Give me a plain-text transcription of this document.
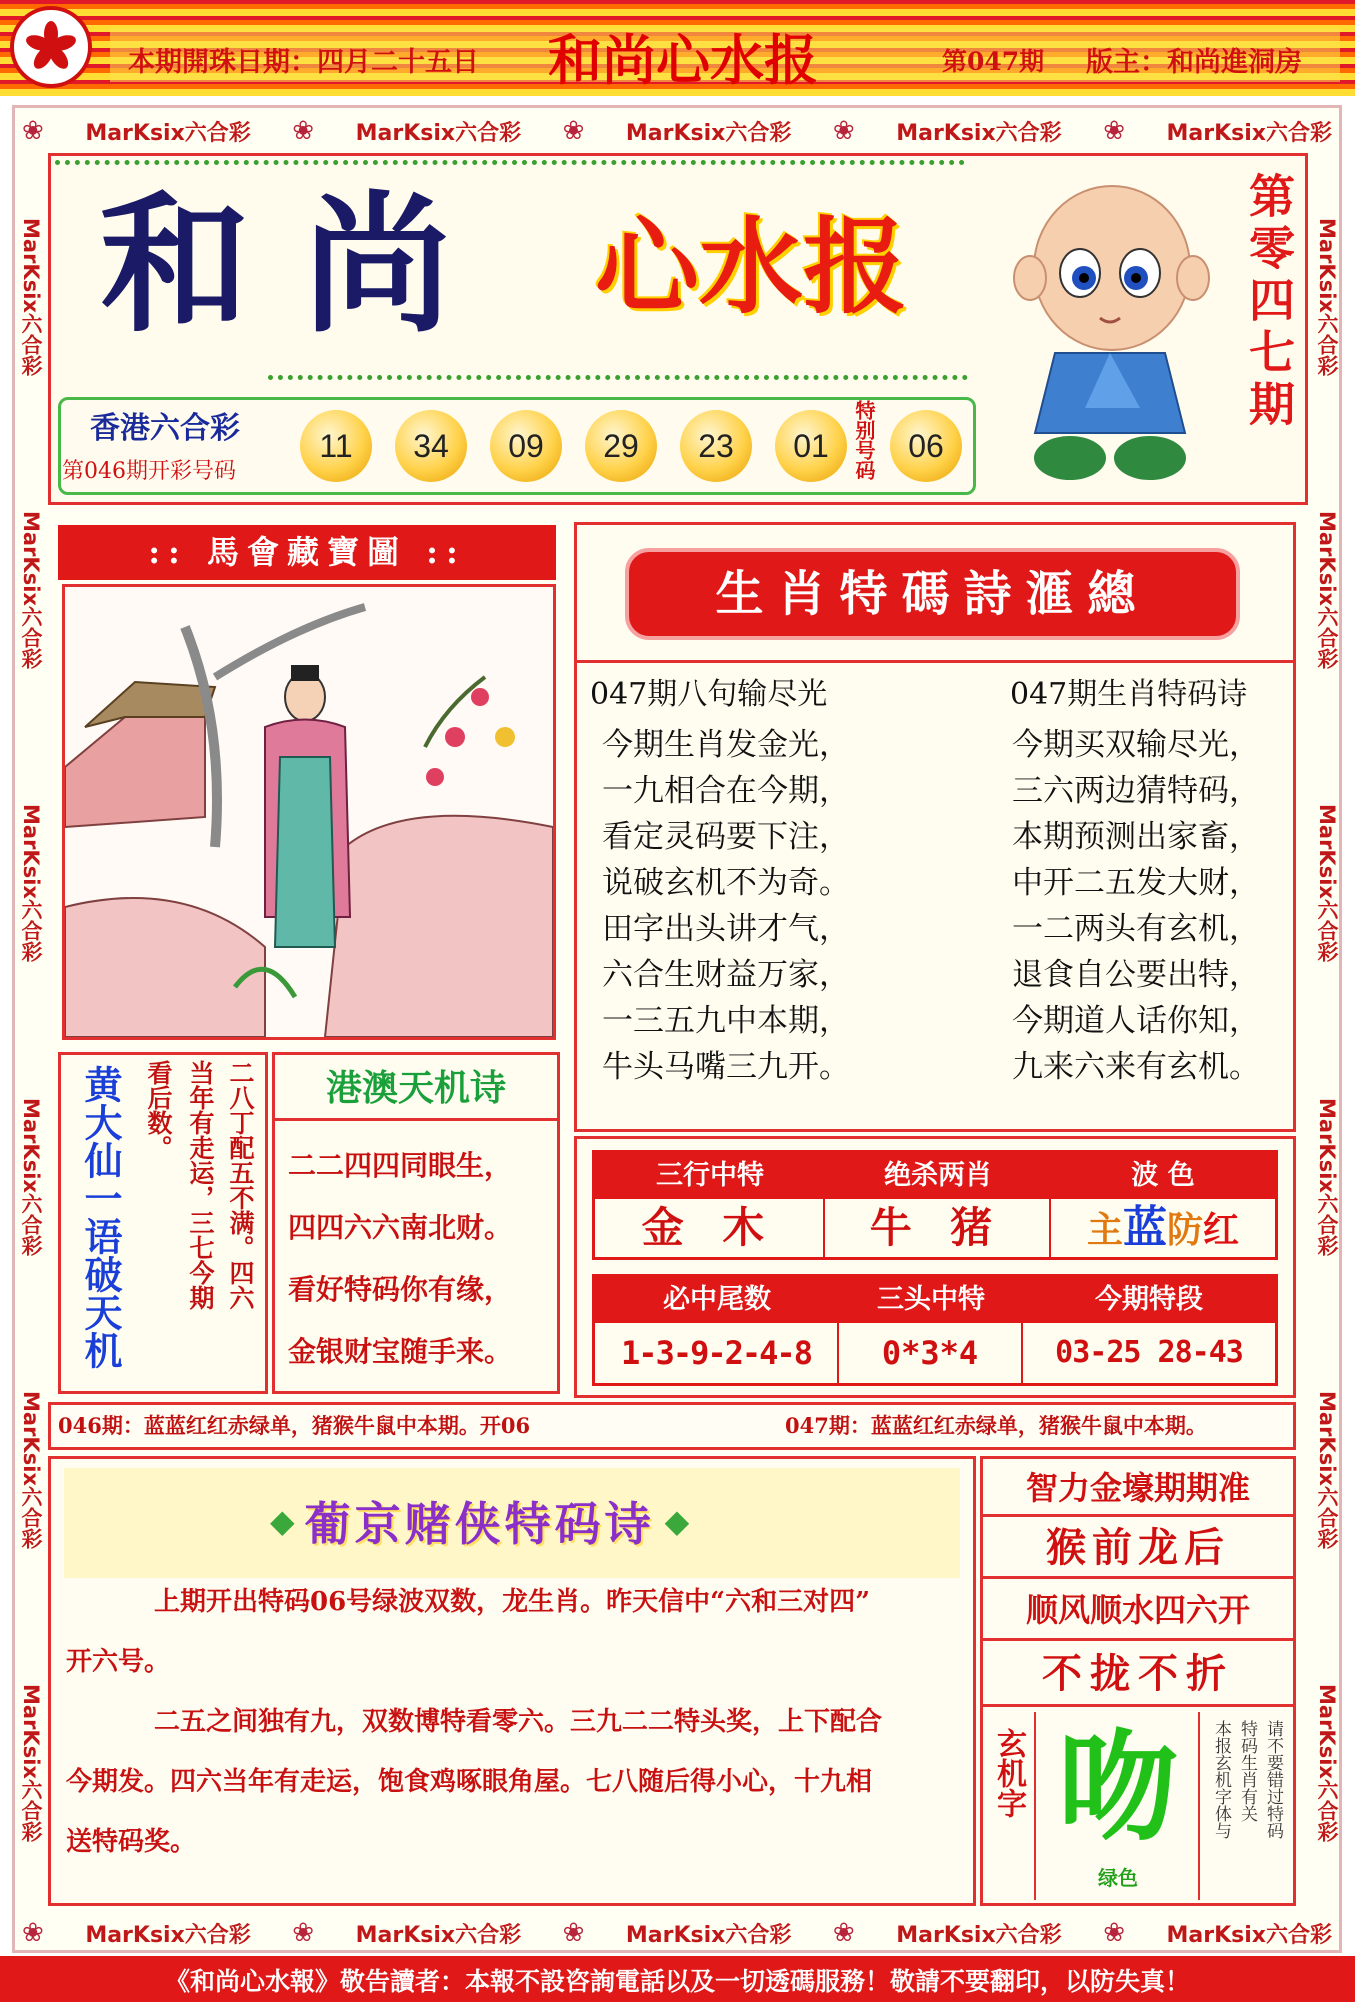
本期開珠日期：四月二十五日 和尚心水报	第047期 版主：和尚進洞房
❀ MarKsix六合彩 ❀ MarKsix六合彩 ❀ MarKsix六合彩 ❀ MarKsix六合彩 ❀ MarKsix六合彩
❀ MarKsix六合彩 ❀ MarKsix六合彩 ❀ MarKsix六合彩 ❀ MarKsix六合彩 ❀ MarKsix六合彩
MarKsix六合彩
MarKsix六合彩
MarKsix六合彩
MarKsix六合彩
MarKsix六合彩
MarKsix六合彩
MarKsix六合彩
MarKsix六合彩
MarKsix六合彩
MarKsix六合彩
MarKsix六合彩
MarKsix六合彩
和 尚 心水报	第零四七期
香港六合彩
第046期开彩号码
11	34	09	29	23	01	特别号码	06
:: 馬會藏寶圖 ::
黄大仙一语破天机 看后数。 当年有走运，三七今期 二八丁配五不满。四六	港澳天机诗
二二四四同眼生，
四四六六南北财。
看好特码你有缘，
金银财宝随手来。
生肖特碼詩滙總
047期八句输尽光	047期生肖特码诗
今期生肖发金光，
一九相合在今期，
看定灵码要下注，
说破玄机不为奇。
田字出头讲才气，
六合生财益万家，
一三五九中本期，
牛头马嘴三九开。
今期买双输尽光，
三六两边猜特码，
本期预测出家畜，
中开二五发大财，
一二两头有玄机，
退食自公要出特，
今期道人话你知，
九来六来有玄机。
三行中特	绝杀两肖	波 色
金 木	牛 猪	主蓝防红
必中尾数	三头中特	今期特段
1-3-9-2-4-8	0*3*4	03-25 28-43
046期：蓝蓝红红赤绿单，猪猴牛鼠中本期。开06	047期：蓝蓝红红赤绿单，猪猴牛鼠中本期。
◆ 葡京赌侠特码诗 ◆
上期开出特码06号绿波双数，龙生肖。昨天信中“六和三对四”
开六号。
二五之间独有九，双数博特看零六。三九二二特头奖，上下配合
今期发。四六当年有走运，饱食鸡啄眼角屋。七八随后得小心，十九相
送特码奖。
智力金壕期期准
猴前龙后
顺风顺水四六开
不拢不折
玄机字 吻
绿色
请不要错过特码
特码生肖有关
本报玄机字体与
《和尚心水報》敬告讀者：本報不設咨詢電話以及一切透碼服務！敬請不要翻印，以防失真！
